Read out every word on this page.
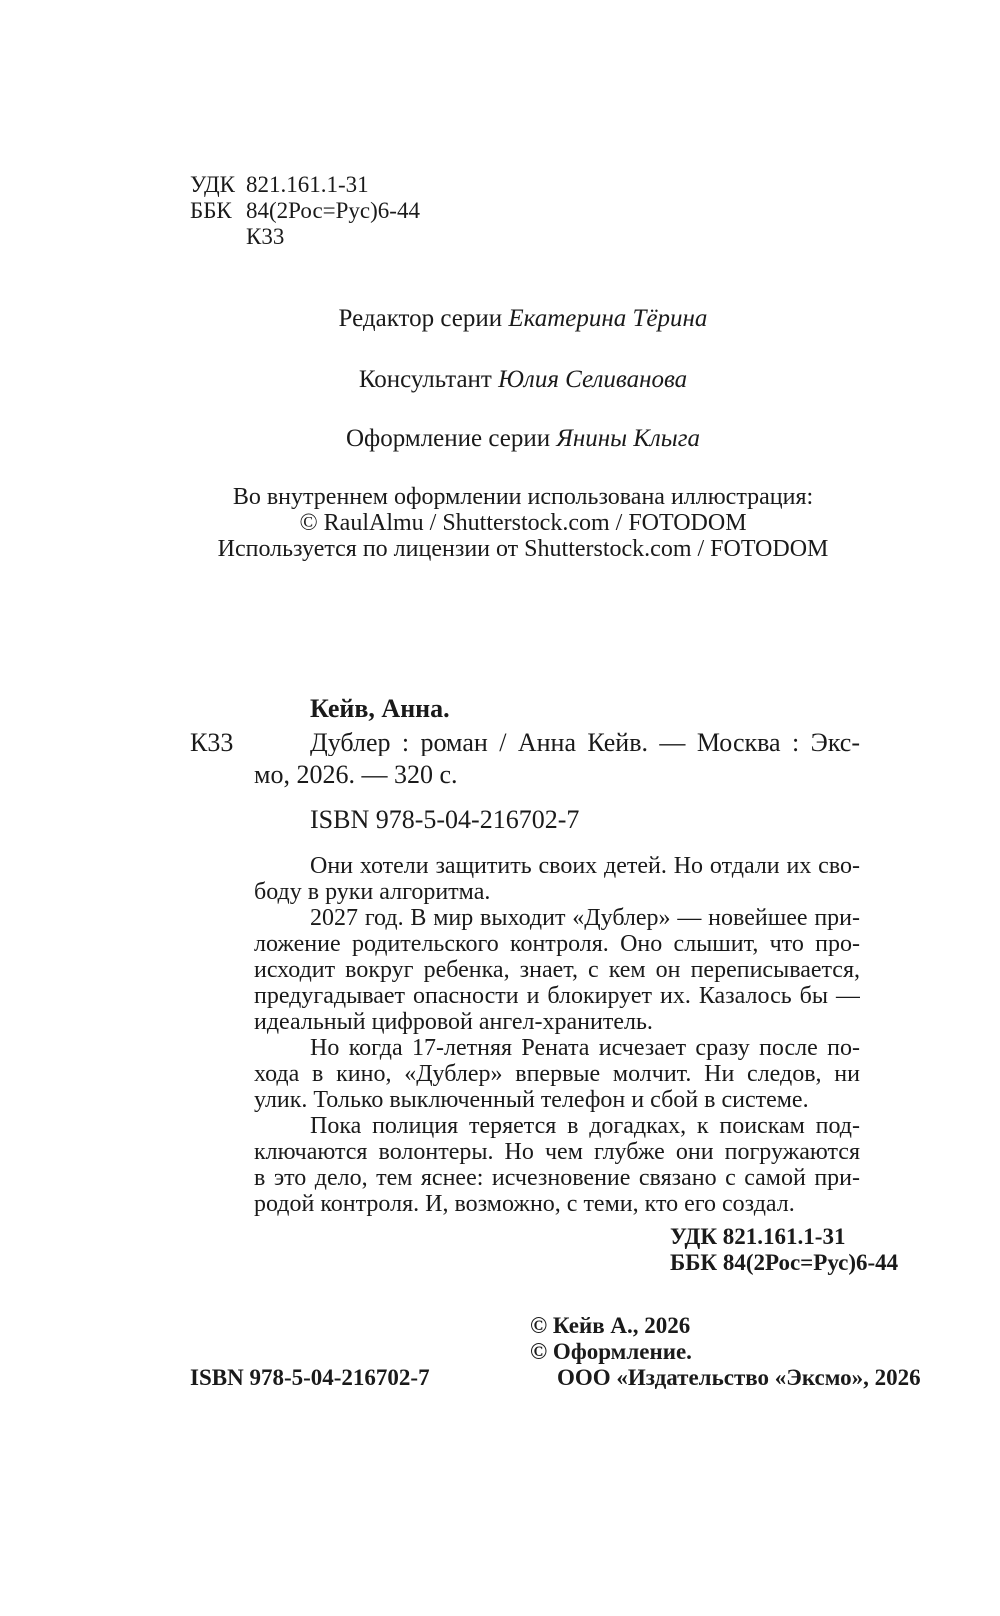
УДК 821.161.1-31
ББК 84(2Рос=Рус)6-44
К33
Редактор серии Екатерина Тёрина
Консультант Юлия Селиванова
Оформление серии Янины Клыга
Во внутреннем оформлении использована иллюстрация:
© RaulAlmu / Shutterstock.com / FOTODOM
Используется по лицензии от Shutterstock.com / FOTODOM
Кейв, Анна.
К33	Дублер : роман / Анна Кейв. — Москва : Экс-
мо, 2026. — 320 с.
ISBN 978-5-04-216702-7
Они хотели защитить своих детей. Но отдали их сво-
боду в руки алгоритма.
2027 год. В мир выходит «Дублер» — новейшее при-
ложение родительского контроля. Оно слышит, что про-
исходит вокруг ребенка, знает, с кем он переписывается,
предугадывает опасности и блокирует их. Казалось бы —
идеальный цифровой ангел-хранитель.
Но когда 17-летняя Рената исчезает сразу после по-
хода в кино, «Дублер» впервые молчит. Ни следов, ни
улик. Только выключенный телефон и сбой в системе.
Пока полиция теряется в догадках, к поискам под-
ключаются волонтеры. Но чем глубже они погружаются
в это дело, тем яснее: исчезновение связано с самой при-
родой контроля. И, возможно, с теми, кто его создал.
УДК 821.161.1-31
ББК 84(2Рос=Рус)6-44
© Кейв А., 2026
© Оформление.
ООО «Издательство «Эксмо», 2026
ISBN 978-5-04-216702-7
